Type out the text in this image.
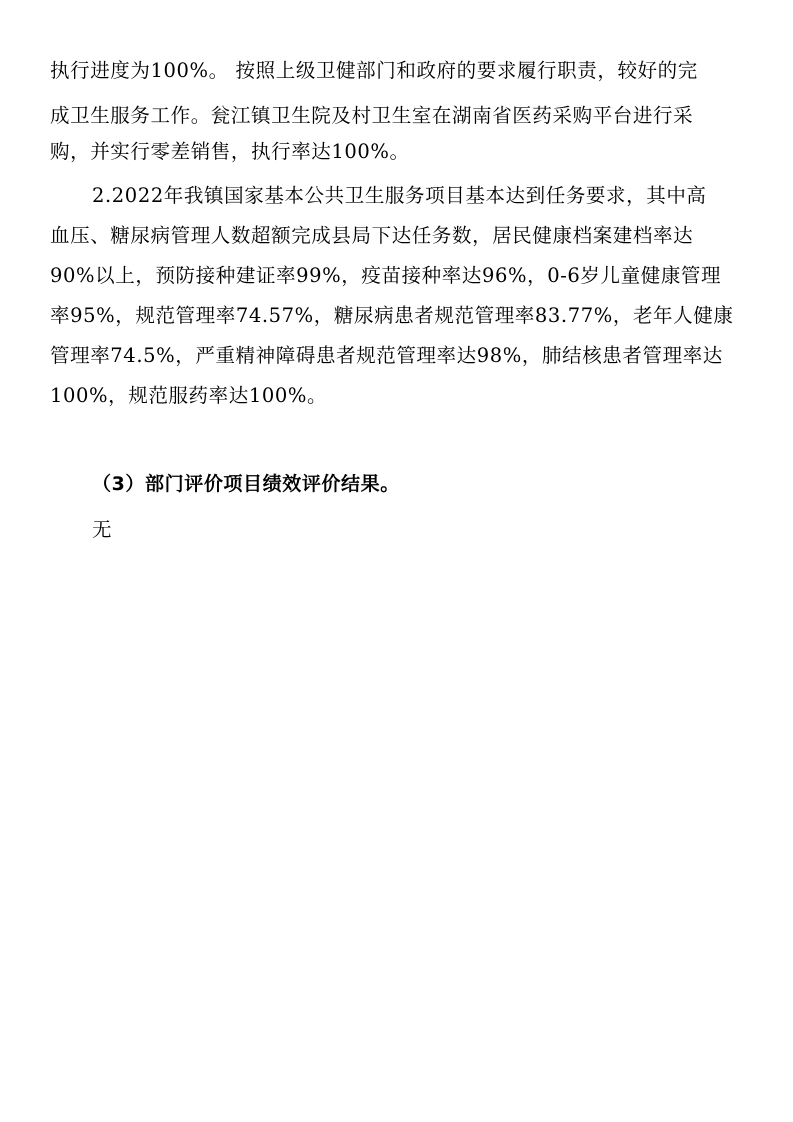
执行进度为100%。 按照上级卫健部门和政府的要求履行职责，较好的完
成卫生服务工作。瓮江镇卫生院及村卫生室在湖南省医药采购平台进行采
购，并实行零差销售，执行率达100%。
2.2022年我镇国家基本公共卫生服务项目基本达到任务要求，其中高
血压、糖尿病管理人数超额完成县局下达任务数，居民健康档案建档率达
90%以上，预防接种建证率99%，疫苗接种率达96%，0-6岁儿童健康管理
率95%，规范管理率74.57%，糖尿病患者规范管理率83.77%，老年人健康
管理率74.5%，严重精神障碍患者规范管理率达98%，肺结核患者管理率达
100%，规范服药率达100%。
（3）部门评价项目绩效评价结果。
无
